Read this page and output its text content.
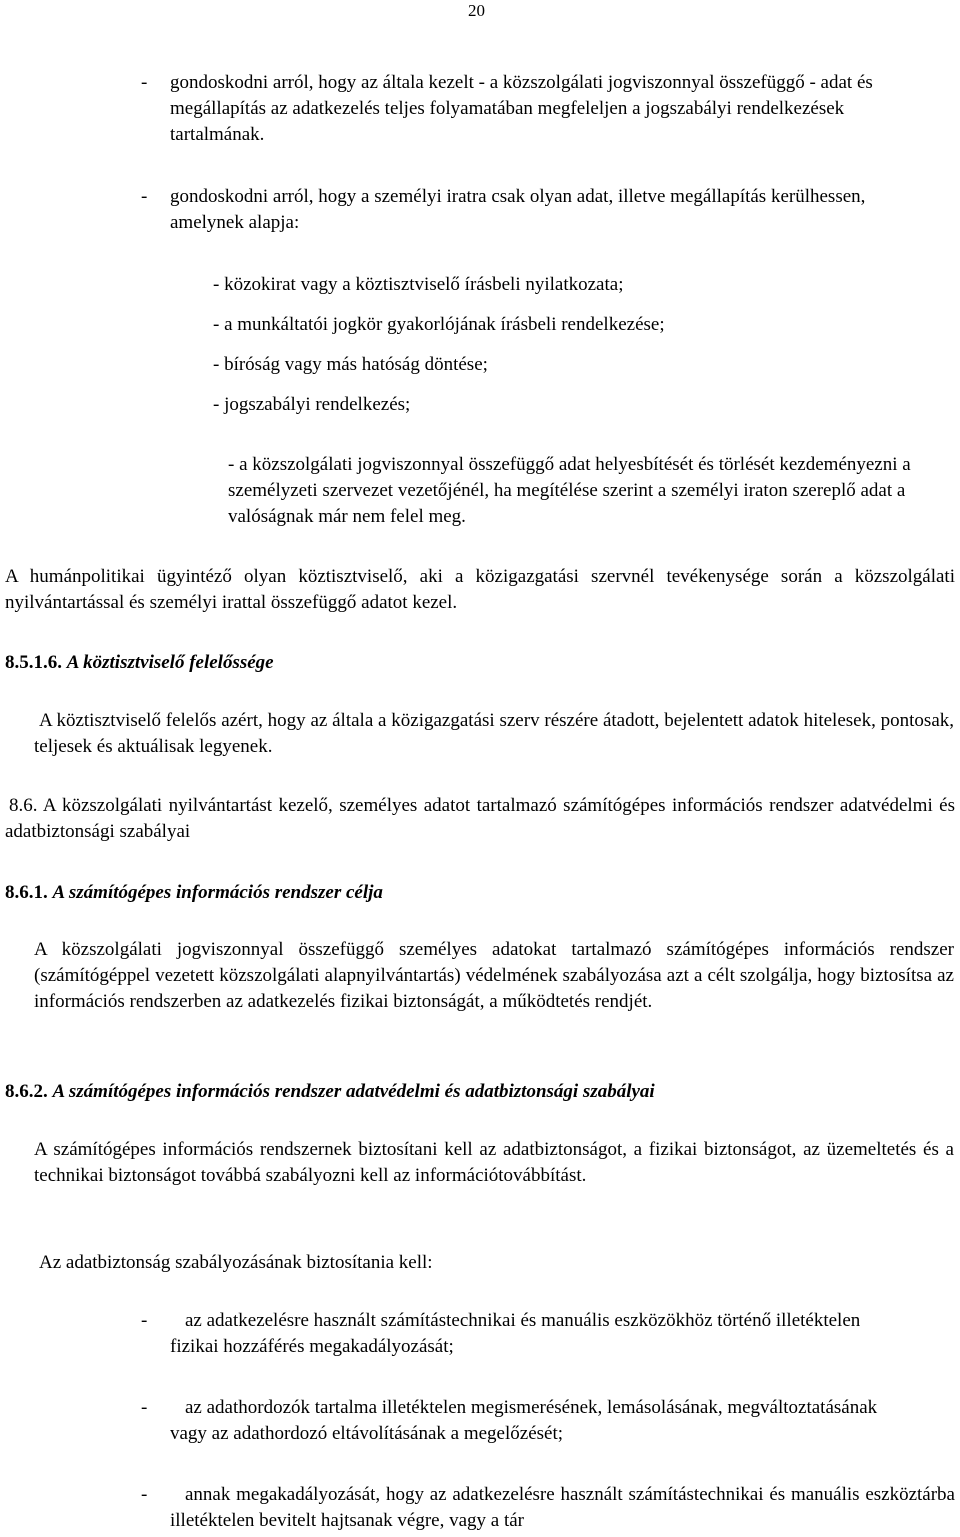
20
- gondoskodni arról, hogy az általa kezelt - a közszolgálati jogviszonnyal összefüggő - adat és megállapítás az adatkezelés teljes folyamatában megfeleljen a jogszabályi rendelkezések tartalmának.
- gondoskodni arról, hogy a személyi iratra csak olyan adat, illetve megállapítás kerülhessen, amelynek alapja:
- közokirat vagy a köztisztviselő írásbeli nyilatkozata;
- a munkáltatói jogkör gyakorlójának írásbeli rendelkezése;
- bíróság vagy más hatóság döntése;
- jogszabályi rendelkezés;
- a közszolgálati jogviszonnyal összefüggő adat helyesbítését és törlését kezdeményezni a személyzeti szervezet vezetőjénél, ha megítélése szerint a személyi iraton szereplő adat a valóságnak már nem felel meg.
A humánpolitikai ügyintéző olyan köztisztviselő, aki a közigazgatási szervnél tevékenysége során a közszolgálati nyilvántartással és személyi irattal összefüggő adatot kezel.
8.5.1.6. A köztisztviselő felelőssége
A köztisztviselő felelős azért, hogy az általa a közigazgatási szerv részére átadott, bejelentett adatok hitelesek, pontosak, teljesek és aktuálisak legyenek.
8.6. A közszolgálati nyilvántartást kezelő, személyes adatot tartalmazó számítógépes információs rendszer adatvédelmi és adatbiztonsági szabályai
8.6.1. A számítógépes információs rendszer célja
A közszolgálati jogviszonnyal összefüggő személyes adatokat tartalmazó számítógépes információs rendszer (számítógéppel vezetett közszolgálati alapnyilvántartás) védelmének szabályozása azt a célt szolgálja, hogy biztosítsa az információs rendszerben az adatkezelés fizikai biztonságát, a működtetés rendjét.
8.6.2. A számítógépes információs rendszer adatvédelmi és adatbiztonsági szabályai
A számítógépes információs rendszernek biztosítani kell az adatbiztonságot, a fizikai biztonságot, az üzemeltetés és a technikai biztonságot továbbá szabályozni kell az információtovábbítást.
Az adatbiztonság szabályozásának biztosítania kell:
-	az adatkezelésre használt számítástechnikai és manuális eszközökhöz történő illetéktelen fizikai hozzáférés megakadályozását;
-	az adathordozók tartalma illetéktelen megismerésének, lemásolásának, megváltoztatásának vagy az adathordozó eltávolításának a megelőzését;
-	annak megakadályozását, hogy az adatkezelésre használt számítástechnikai és manuális eszköztárba illetéktelen bevitelt hajtsanak végre, vagy a tár
